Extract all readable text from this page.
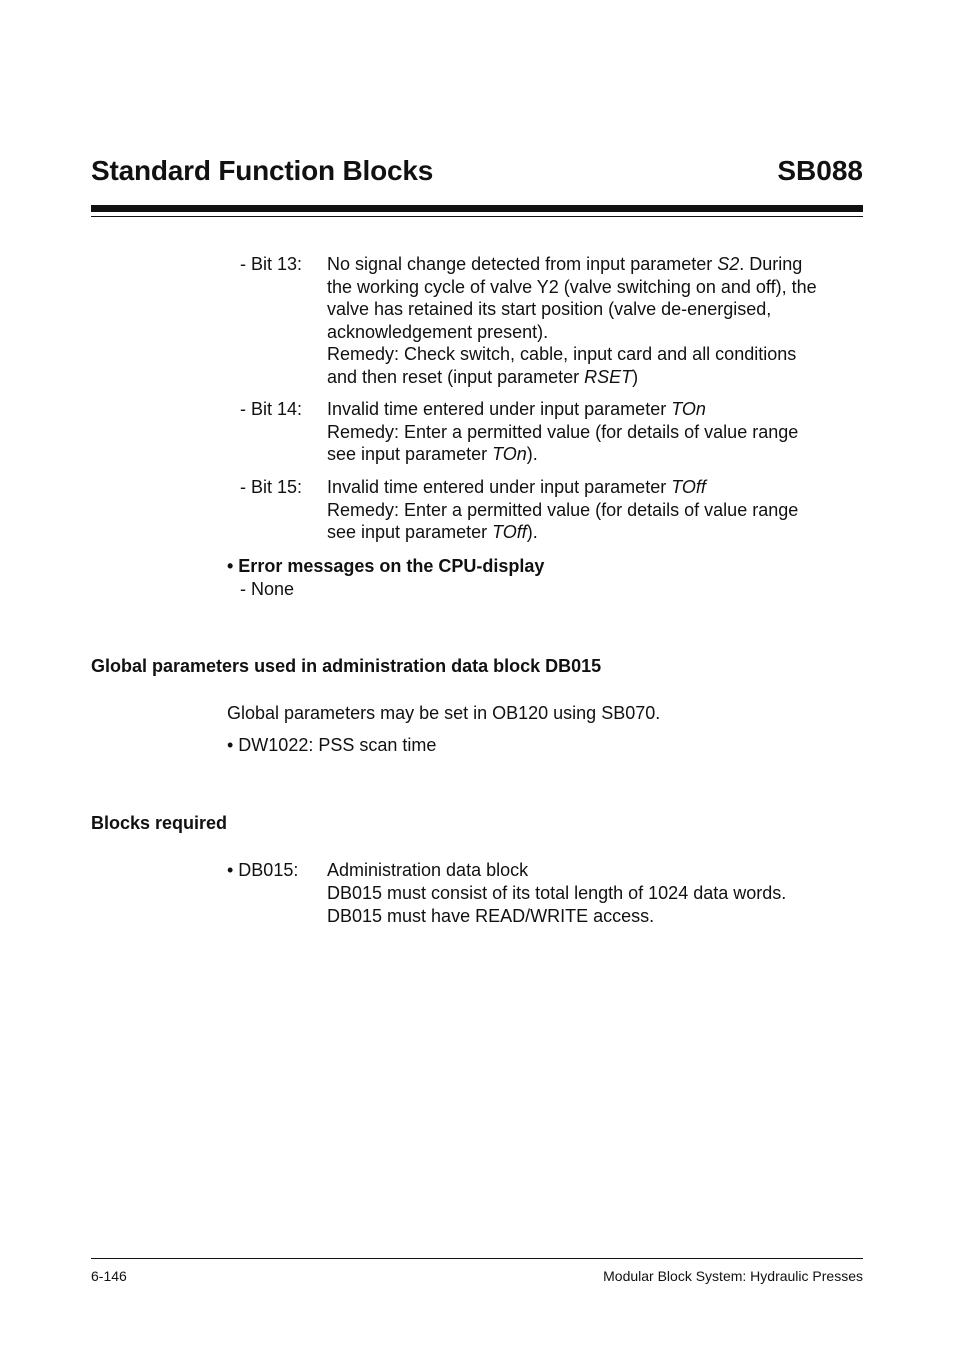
Standard Function Blocks	SB088
- Bit 13: No signal change detected from input parameter S2. During
the working cycle of valve Y2 (valve switching on and off), the
valve has retained its start position (valve de-energised,
acknowledgement present).
Remedy: Check switch, cable, input card and all conditions
and then reset (input parameter RSET)
- Bit 14: Invalid time entered under input parameter TOn
Remedy: Enter a permitted value (for details of value range
see input parameter TOn).
- Bit 15: Invalid time entered under input parameter TOff
Remedy: Enter a permitted value (for details of value range
see input parameter TOff).
• Error messages on the CPU-display
- None
Global parameters used in administration data block DB015
Global parameters may be set in OB120 using SB070.
• DW1022: PSS scan time
Blocks required
• DB015: Administration data block
DB015 must consist of its total length of 1024 data words.
DB015 must have READ/WRITE access.
6-146	Modular Block System: Hydraulic Presses
